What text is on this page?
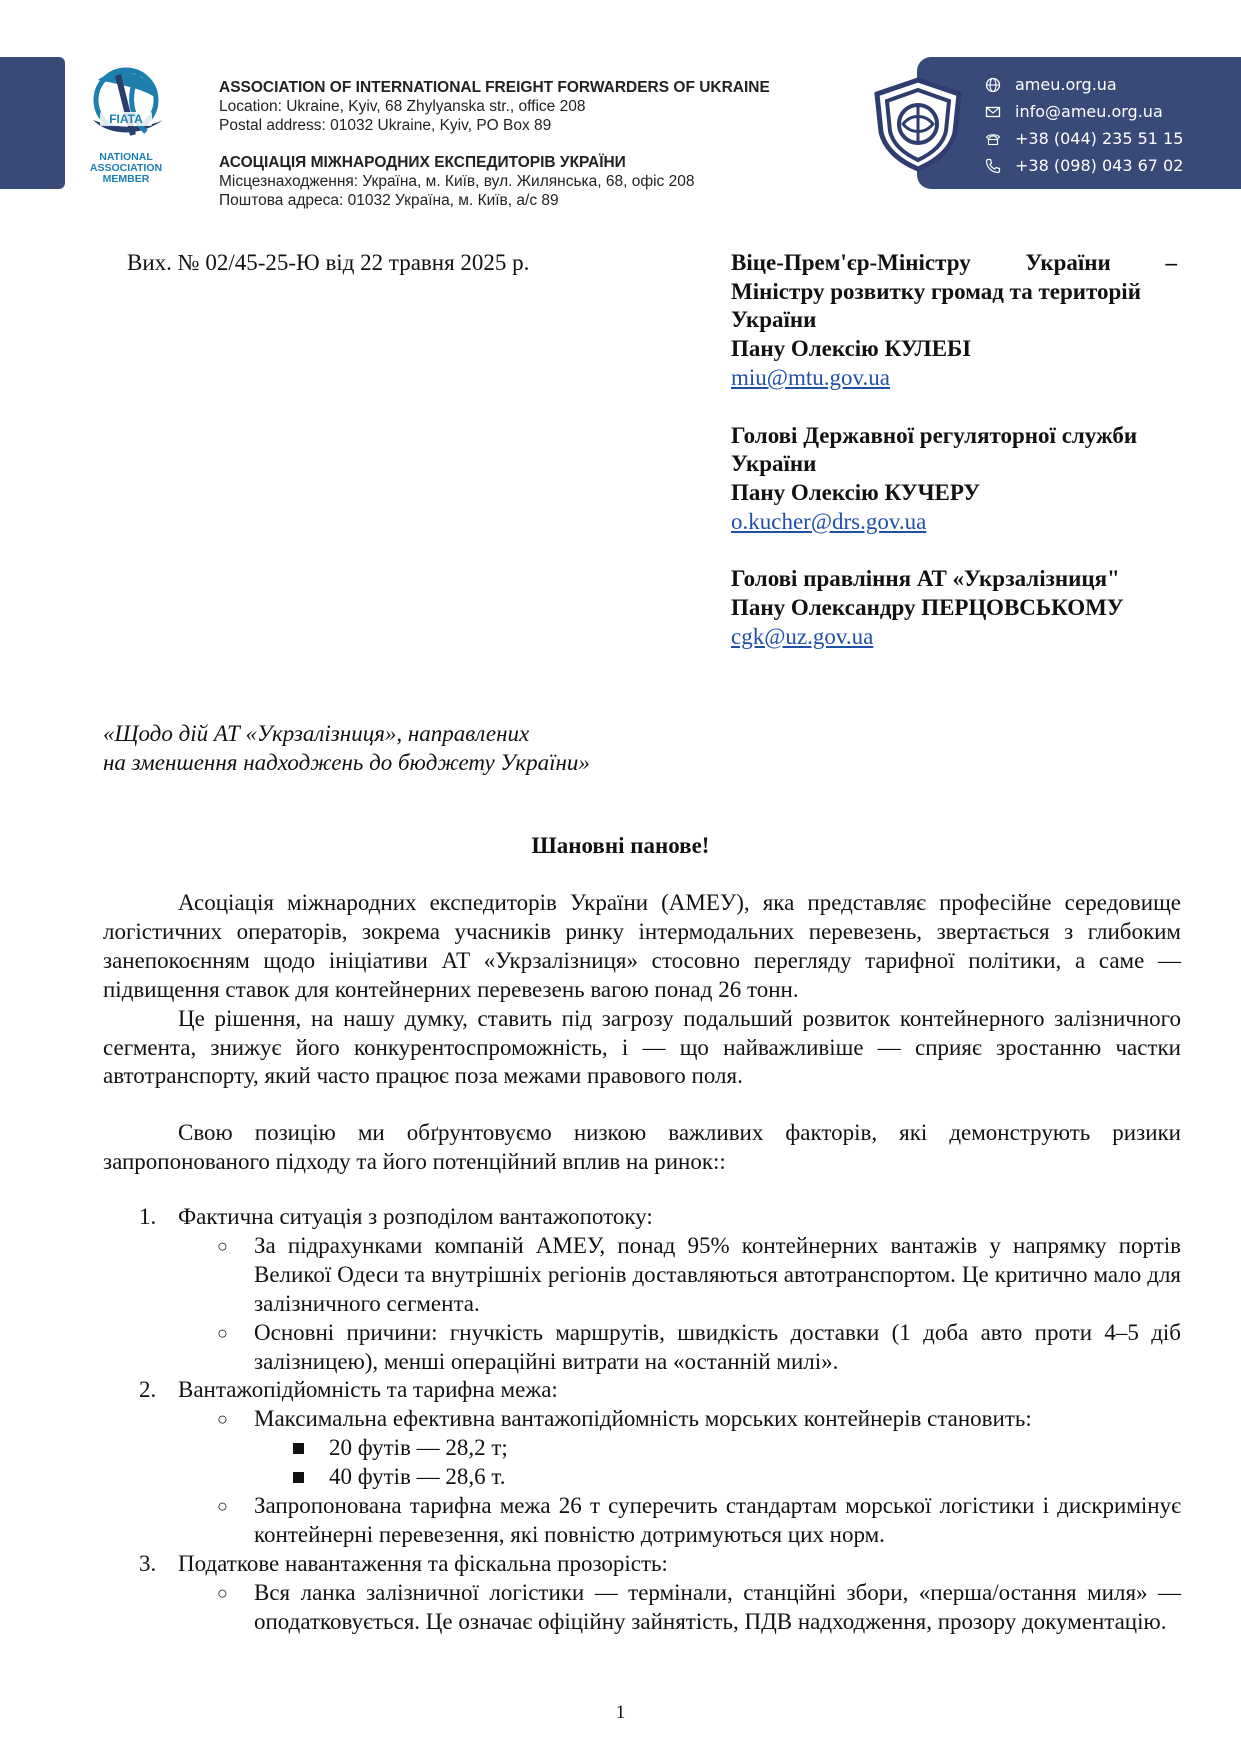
FIATA
NATIONAL
ASSOCIATION
MEMBER
ASSOCIATION OF INTERNATIONAL FREIGHT FORWARDERS OF UKRAINE
Location: Ukraine, Kyiv, 68 Zhylyanska str., office 208
Postal address: 01032 Ukraine, Kyiv, PO Box 89
АСОЦІАЦІЯ МІЖНАРОДНИХ ЕКСПЕДИТОРІВ УКРАЇНИ
Місцезнаходження: Україна, м. Київ, вул. Жилянська, 68, офіс 208
Поштова адреса: 01032 Україна, м. Київ, а/с 89
ameu.org.ua
info@ameu.org.ua
+38 (044) 235 51 15
+38 (098) 043 67 02
Вих. № 02/45-25-Ю від 22 травня 2025 р.	Віце-Прем'єр-Міністру України –
Міністру розвитку громад та територій
України
Пану Олексію КУЛЕБІ
miu@mtu.gov.ua
Голові Державної регуляторної служби
України
Пану Олексію КУЧЕРУ
o.kucher@drs.gov.ua
Голові правління АТ «Укрзалізниця"
Пану Олександру ПЕРЦОВСЬКОМУ
cgk@uz.gov.ua
«Щодо дій АТ «Укрзалізниця», направлених
на зменшення надходжень до бюджету України»
Шановні панове!

Асоціація міжнародних експедиторів України (АМЕУ), яка представляє професійне середовище логістичних операторів, зокрема учасників ринку інтермодальних перевезень, звертається з глибоким занепокоєнням щодо ініціативи АТ «Укрзалізниця» стосовно перегляду тарифної політики, а саме — підвищення ставок для контейнерних перевезень вагою понад 26 тонн.

Це рішення, на нашу думку, ставить під загрозу подальший розвиток контейнерного залізничного сегмента, знижує його конкурентоспроможність, і — що найважливіше — сприяє зростанню частки автотранспорту, який часто працює поза межами правового поля.

Свою позицію ми обґрунтовуємо низкою важливих факторів, які демонструють ризики запропонованого підходу та його потенційний вплив на ринок::

1. Фактична ситуація з розподілом вантажопотоку:
○ За підрахунками компаній АМЕУ, понад 95% контейнерних вантажів у напрямку портів Великої Одеси та внутрішніх регіонів доставляються автотранспортом. Це критично мало для залізничного сегмента.
○ Основні причини: гнучкість маршрутів, швидкість доставки (1 доба авто проти 4–5 діб залізницею), менші операційні витрати на «останній милі».
2. Вантажопідйомність та тарифна межа:
○ Максимальна ефективна вантажопідйомність морських контейнерів становить:
20 футів — 28,2 т;
40 футів — 28,6 т.
○ Запропонована тарифна межа 26 т суперечить стандартам морської логістики і дискримінує контейнерні перевезення, які повністю дотримуються цих норм.
3. Податкове навантаження та фіскальна прозорість:
○ Вся ланка залізничної логістики — термінали, станційні збори, «перша/остання миля» — оподатковується. Це означає офіційну зайнятість, ПДВ надходження, прозору документацію.
1
